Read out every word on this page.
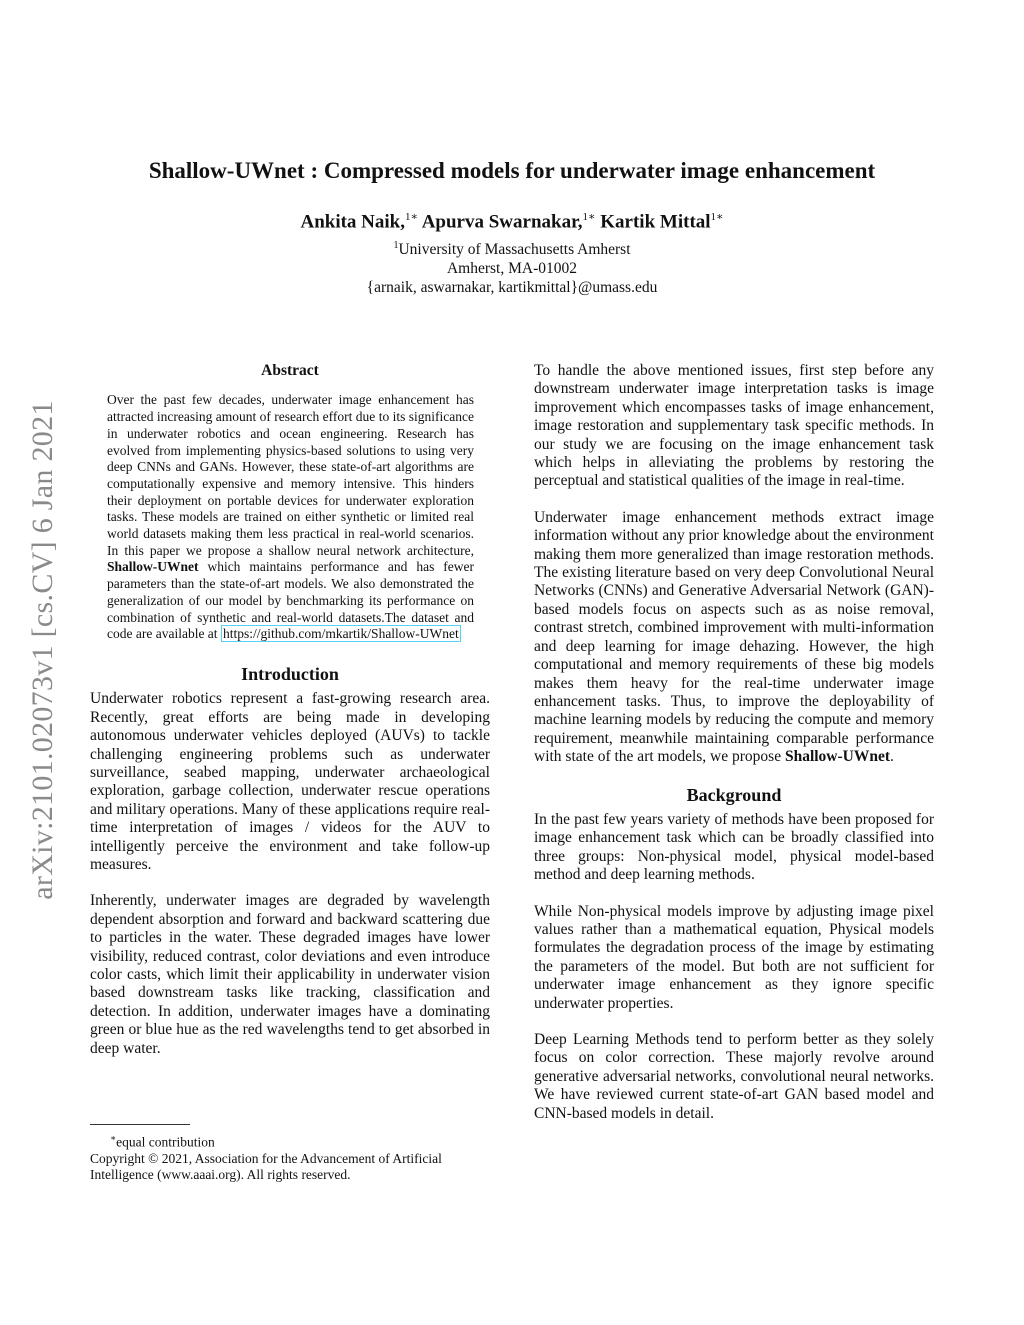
arXiv:2101.02073v1 [cs.CV] 6 Jan 2021
Shallow-UWnet : Compressed models for underwater image enhancement
Ankita Naik,$^{1∗}$ Apurva Swarnakar,$^{1∗}$ Kartik Mittal$^{1∗}$
$^1$University of Massachusetts Amherst
Amherst, MA-01002
{arnaik, aswarnakar, kartikmittal}@umass.edu
Abstract
Over the past few decades, underwater image enhancement has attracted increasing amount of research effort due to its significance in underwater robotics and ocean engineering. Research has evolved from implementing physics-based solutions to using very deep CNNs and GANs. However, these state-of-art algorithms are computationally expensive and memory intensive. This hinders their deployment on portable devices for underwater exploration tasks. These models are trained on either synthetic or limited real world datasets making them less practical in real-world scenarios. In this paper we propose a shallow neural network architecture, Shallow-UWnet which maintains performance and has fewer parameters than the state-of-art models. We also demonstrated the generalization of our model by benchmarking its performance on combination of synthetic and real-world datasets.The dataset and code are available at https://github.com/mkartik/Shallow-UWnet
Introduction

Underwater robotics represent a fast-growing research area. Recently, great efforts are being made in developing autonomous underwater vehicles deployed (AUVs) to tackle challenging engineering problems such as underwater surveillance, seabed mapping, underwater archaeological exploration, garbage collection, underwater rescue operations and military operations. Many of these applications require real-time interpretation of images / videos for the AUV to intelligently perceive the environment and take follow-up measures.

Inherently, underwater images are degraded by wavelength dependent absorption and forward and backward scattering due to particles in the water. These degraded images have lower visibility, reduced contrast, color deviations and even introduce color casts, which limit their applicability in underwater vision based downstream tasks like tracking, classification and detection. In addition, underwater images have a dominating green or blue hue as the red wavelengths tend to get absorbed in deep water.

∗equal contribution
Copyright © 2021, Association for the Advancement of Artificial Intelligence (www.aaai.org). All rights reserved.

To handle the above mentioned issues, first step before any downstream underwater image interpretation tasks is image improvement which encompasses tasks of image enhancement, image restoration and supplementary task specific methods. In our study we are focusing on the image enhancement task which helps in alleviating the problems by restoring the perceptual and statistical qualities of the image in real-time.

Underwater image enhancement methods extract image information without any prior knowledge about the environment making them more generalized than image restoration methods. The existing literature based on very deep Convolutional Neural Networks (CNNs) and Generative Adversarial Network (GAN)-based models focus on aspects such as as noise removal, contrast stretch, combined improvement with multi-information and deep learning for image dehazing. However, the high computational and memory requirements of these big models makes them heavy for the real-time underwater image enhancement tasks. Thus, to improve the deployability of machine learning models by reducing the compute and memory requirement, meanwhile maintaining comparable performance with state of the art models, we propose Shallow-UWnet.

Background

In the past few years variety of methods have been proposed for image enhancement task which can be broadly classified into three groups: Non-physical model, physical model-based method and deep learning methods.

While Non-physical models improve by adjusting image pixel values rather than a mathematical equation, Physical models formulates the degradation process of the image by estimating the parameters of the model. But both are not sufficient for underwater image enhancement as they ignore specific underwater properties.

Deep Learning Methods tend to perform better as they solely focus on color correction. These majorly revolve around generative adversarial networks, convolutional neural networks. We have reviewed current state-of-art GAN based model and CNN-based models in detail.
